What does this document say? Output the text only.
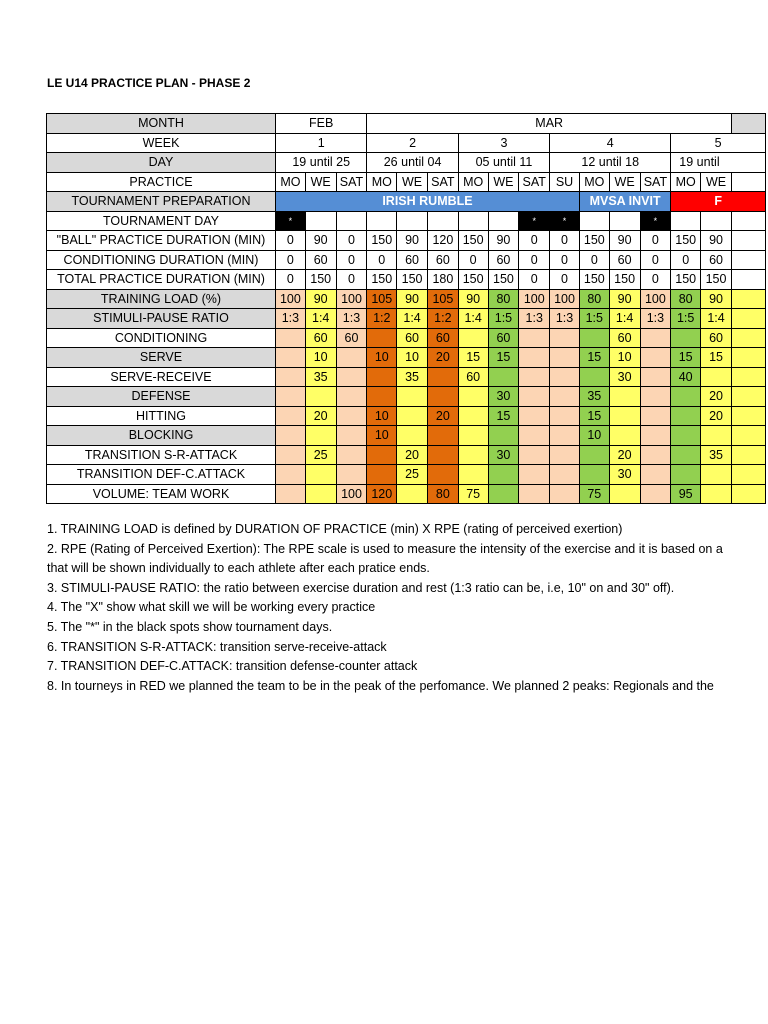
LE U14 PRACTICE PLAN - PHASE 2
MONTH	FEB			MAR												
WEEK	1			2			3			4				5		
DAY	19 until 25			26 until 04			05 until 11			12 until 18				19 until		
PRACTICE	MO	WE	SAT	MO	WE	SAT	MO	WE	SAT	SU	MO	WE	SAT	MO	WE	
TOURNAMENT PREPARATION	IRISH RUMBLE										MVSA INVIT			F		
TOURNAMENT DAY	*								*	*			*			
"BALL" PRACTICE DURATION (MIN)	0	90	0	150	90	120	150	90	0	0	150	90	0	150	90	
CONDITIONING DURATION (MIN)	0	60	0	0	60	60	0	60	0	0	0	60	0	0	60	
TOTAL PRACTICE DURATION (MIN)	0	150	0	150	150	180	150	150	0	0	150	150	0	150	150	
TRAINING LOAD (%)	100	90	100	105	90	105	90	80	100	100	80	90	100	80	90	
STIMULI-PAUSE RATIO	1:3	1:4	1:3	1:2	1:4	1:2	1:4	1:5	1:3	1:3	1:5	1:4	1:3	1:5	1:4	
CONDITIONING		60	60		60	60		60				60			60	
SERVE		10		10	10	20	15	15			15	10		15	15	
SERVE-RECEIVE		35			35		60					30		40		
DEFENSE								30			35				20	
HITTING		20		10		20		15			15				20	
BLOCKING				10							10					
TRANSITION S-R-ATTACK		25			20			30				20			35	
TRANSITION DEF-C.ATTACK					25							30				
VOLUME: TEAM WORK			100	120		80	75				75			95		
1. TRAINING LOAD is defined by DURATION OF PRACTICE (min) X RPE (rating of perceived exertion)
2. RPE (Rating of Perceived Exertion): The RPE scale is used to measure the intensity of the exercise and it is based on a
that will be shown individually to each athlete after each pratice ends.
3. STIMULI-PAUSE RATIO: the ratio between exercise duration and rest (1:3 ratio can be, i.e, 10" on and 30" off).
4. The "X" show what skill we will be working every practice
5. The "*" in the black spots show tournament days.
6. TRANSITION S-R-ATTACK: transition serve-receive-attack
7. TRANSITION DEF-C.ATTACK: transition defense-counter attack
8. In tourneys in RED we planned the team to be in the peak of the perfomance. We planned 2 peaks: Regionals and the
